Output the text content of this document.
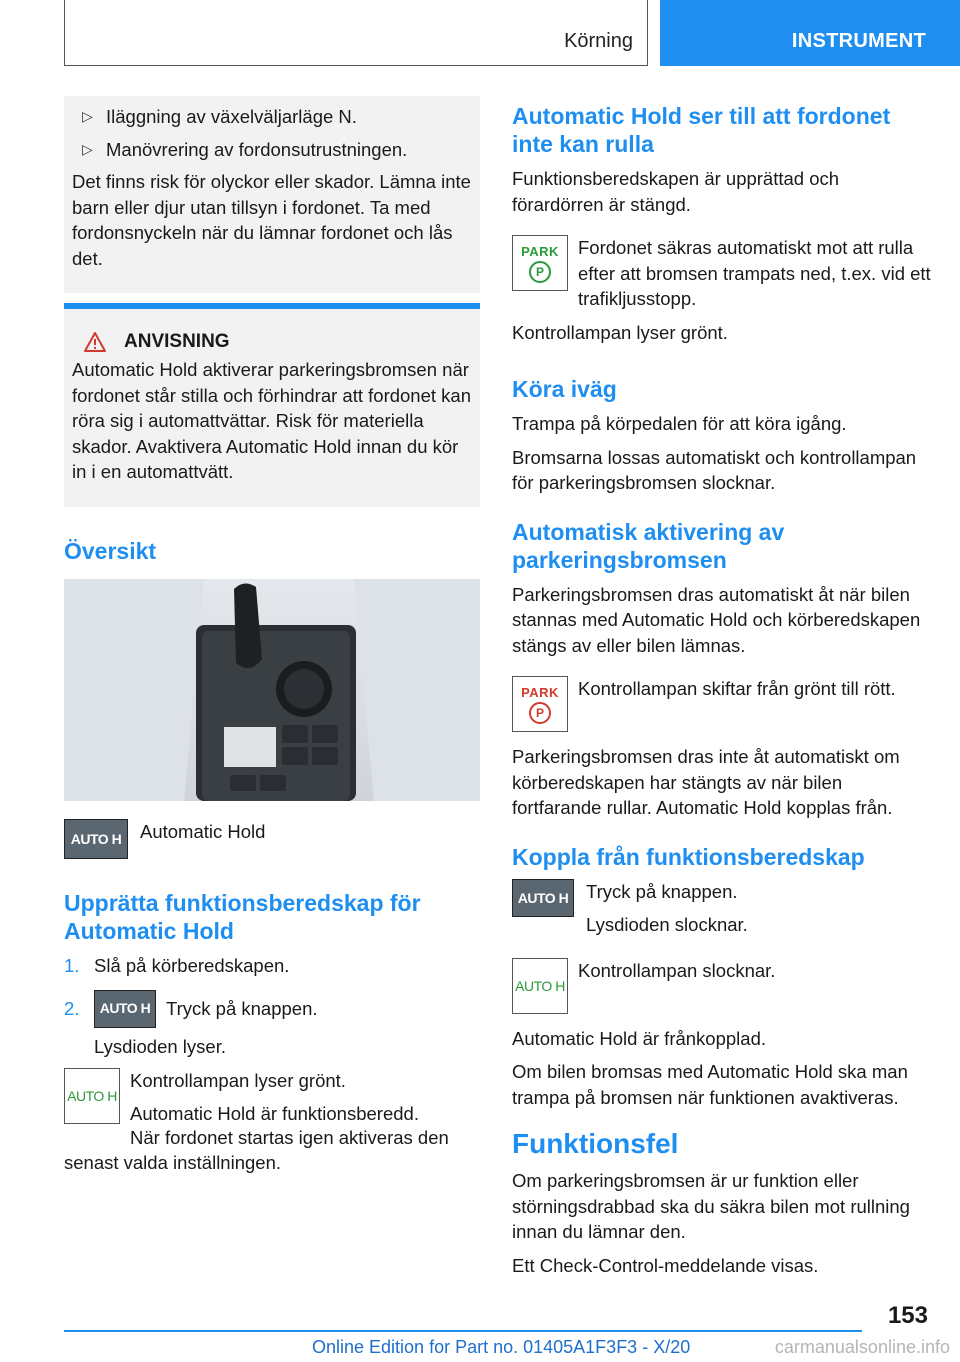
Körning	INSTRUMENT
▷ Iläggning av växelväljarläge N.
▷ Manövrering av fordonsutrustningen.

Det finns risk för olyckor eller skador. Lämna inte barn eller djur utan tillsyn i fordonet. Ta med fordonsnyckeln när du lämnar fordonet och lås det.

ANVISNING

Automatic Hold aktiverar parkeringsbromsen när fordonet står stilla och förhindrar att fordonet kan röra sig i automattvättar. Risk för materiella skador. Avaktivera Automatic Hold innan du kör in i en automattvätt.

Översikt
AUTO H	Automatic Hold

Upprätta funktionsberedskap för Automatic Hold
1. Slå på körberedskapen.
2.	AUTO H Tryck på knappen.

Lysdioden lyser.

AUTO H

Kontrollampan lyser grönt.

Automatic Hold är funktionsberedd.

När fordonet startas igen aktiveras den senast valda inställningen.

Automatic Hold ser till att fordonet inte kan rulla

Funktionsberedskapen är upprättad och förardörren är stängd.

PARK
P

Fordonet säkras automatiskt mot att rulla efter att bromsen trampats ned, t.ex. vid ett trafikljusstopp.

Kontrollampan lyser grönt.

Köra iväg

Trampa på körpedalen för att köra igång.

Bromsarna lossas automatiskt och kontrollampan för parkeringsbromsen slocknar.

Automatisk aktivering av parkeringsbromsen

Parkeringsbromsen dras automatiskt åt när bilen stannas med Automatic Hold och körberedskapen stängs av eller bilen lämnas.

PARK
P

Kontrollampan skiftar från grönt till rött.

Parkeringsbromsen dras inte åt automatiskt om körberedskapen har stängts av när bilen fortfarande rullar. Automatic Hold kopplas från.

Koppla från funktionsberedskap
AUTO H Tryck på knappen.

Lysdioden slocknar.

AUTO H

Kontrollampan slocknar.

Automatic Hold är frånkopplad.

Om bilen bromsas med Automatic Hold ska man trampa på bromsen när funktionen avaktiveras.

Funktionsfel

Om parkeringsbromsen är ur funktion eller störningsdrabbad ska du säkra bilen mot rullning innan du lämnar den.

Ett Check-Control-meddelande visas.

153
Online Edition for Part no. 01405A1F3F3 - X/20	carmanualsonline.info
